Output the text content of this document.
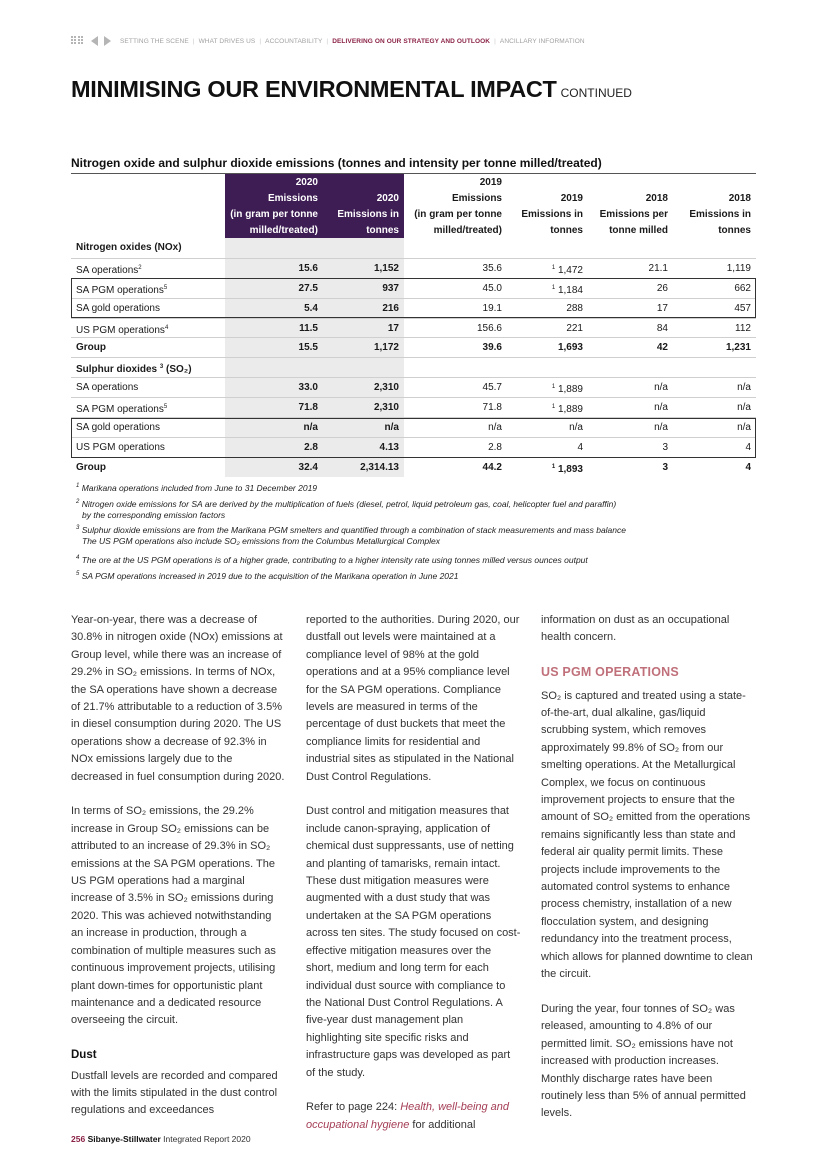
SETTING THE SCENE | WHAT DRIVES US | ACCOUNTABILITY | DELIVERING ON OUR STRATEGY AND OUTLOOK | ANCILLARY INFORMATION
MINIMISING OUR ENVIRONMENTAL IMPACT CONTINUED
Nitrogen oxide and sulphur dioxide emissions (tonnes and intensity per tonne milled/treated)
2020
Emissions
(in gram per tonne
milled/treated)
2020
Emissions in
tonnes
2019
Emissions
(in gram per tonne
milled/treated)
2019
Emissions in
tonnes
2018
Emissions per
tonne milled
2018
Emissions in
tonnes
Nitrogen oxides (NOx)
SA operations$^2$	15.6	1,152	35.6	$^1$ 1,472	21.1	1,119
SA PGM operations$^5$	27.5	937	45.0	$^1$ 1,184	26	662
SA gold operations	5.4	216	19.1	288	17	457
US PGM operations$^4$	11.5	17	156.6	221	84	112
Group	15.5	1,172	39.6	1,693	42	1,231
Sulphur dioxides $^3$ (SO₂)
SA operations	33.0	2,310	45.7	$^1$ 1,889	n/a	n/a
SA PGM operations$^5$	71.8	2,310	71.8	$^1$ 1,889	n/a	n/a
SA gold operations	n/a	n/a	n/a	n/a	n/a	n/a
US PGM operations	2.8	4.13	2.8	4	3	4
Group	32.4	2,314.13	44.2	$^1$ 1,893	3	4
$^1$ Marikana operations included from June to 31 December 2019
$^2$ Nitrogen oxide emissions for SA are derived by the multiplication of fuels (diesel, petrol, liquid petroleum gas, coal, helicopter fuel and paraffin)
by the corresponding emission factors
$^3$ Sulphur dioxide emissions are from the Marikana PGM smelters and quantified through a combination of stack measurements and mass balance
The US PGM operations also include SO₂ emissions from the Columbus Metallurgical Complex
$^4$ The ore at the US PGM operations is of a higher grade, contributing to a higher intensity rate using tonnes milled versus ounces output
$^5$ SA PGM operations increased in 2019 due to the acquisition of the Marikana operation in June 2021

Year-on-year, there was a decrease of 30.8% in nitrogen oxide (NOx) emissions at Group level, while there was an increase of 29.2% in SO₂ emissions. In terms of NOx, the SA operations have shown a decrease of 21.7% attributable to a reduction of 3.5% in diesel consumption during 2020. The US operations show a decrease of 92.3% in NOx emissions largely due to the decreased in fuel consumption during 2020.

In terms of SO₂ emissions, the 29.2% increase in Group SO₂ emissions can be attributed to an increase of 29.3% in SO₂ emissions at the SA PGM operations. The US PGM operations had a marginal increase of 3.5% in SO₂ emissions during 2020. This was achieved notwithstanding an increase in production, through a combination of multiple measures such as continuous improvement projects, utilising plant down-times for opportunistic plant maintenance and a dedicated resource overseeing the circuit.

Dust

Dustfall levels are recorded and compared with the limits stipulated in the dust control regulations and exceedances

reported to the authorities. During 2020, our dustfall out levels were maintained at a compliance level of 98% at the gold operations and at a 95% compliance level for the SA PGM operations. Compliance levels are measured in terms of the percentage of dust buckets that meet the compliance limits for residential and industrial sites as stipulated in the National Dust Control Regulations.

Dust control and mitigation measures that include canon-spraying, application of chemical dust suppressants, use of netting and planting of tamarisks, remain intact. These dust mitigation measures were augmented with a dust study that was undertaken at the SA PGM operations across ten sites. The study focused on cost-effective mitigation measures over the short, medium and long term for each individual dust source with compliance to the National Dust Control Regulations. A five-year dust management plan highlighting site specific risks and infrastructure gaps was developed as part of the study.

Refer to page 224: Health, well-being and occupational hygiene for additional

information on dust as an occupational health concern.

US PGM OPERATIONS

SO₂ is captured and treated using a state-of-the-art, dual alkaline, gas/liquid scrubbing system, which removes approximately 99.8% of SO₂ from our smelting operations. At the Metallurgical Complex, we focus on continuous improvement projects to ensure that the amount of SO₂ emitted from the operations remains significantly less than state and federal air quality permit limits. These projects include improvements to the automated control systems to enhance process chemistry, installation of a new flocculation system, and designing redundancy into the treatment process, which allows for planned downtime to clean the circuit.

During the year, four tonnes of SO₂ was released, amounting to 4.8% of our permitted limit. SO₂ emissions have not increased with production increases. Monthly discharge rates have been routinely less than 5% of annual permitted levels.

256 Sibanye-Stillwater Integrated Report 2020
